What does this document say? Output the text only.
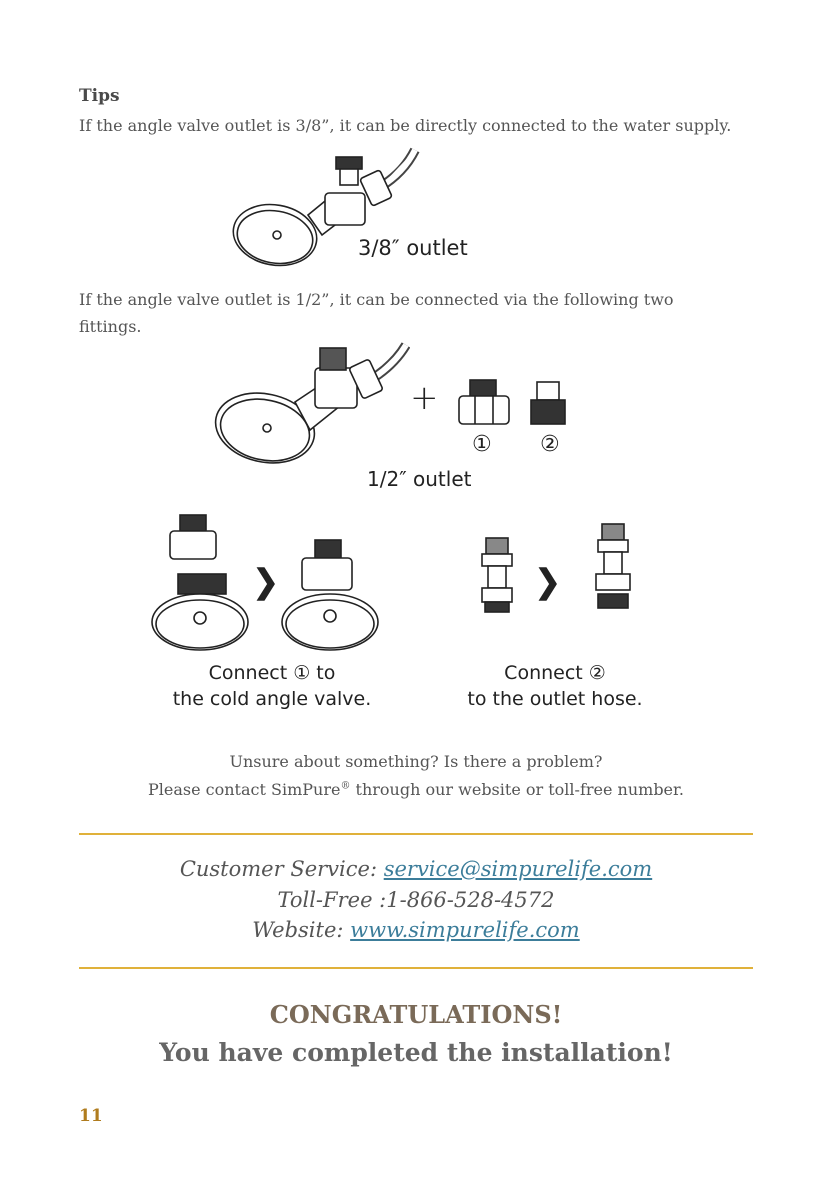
Tips
If the angle valve outlet is 3/8”, it can be directly connected to the water supply.
3/8″ outlet
If the angle valve outlet is 1/2”, it can be connected via the following two
fittings.
+
① ②
1/2″ outlet
Connect ① to
the cold angle valve.
Connect ②
to the outlet hose.
Unsure about something? Is there a problem?
Please contact SimPure® through our website or toll-free number.
Customer Service: service@simpurelife.com
Toll-Free :1-866-528-4572
Website: www.simpurelife.com
CONGRATULATIONS!
You have completed the installation!
11
